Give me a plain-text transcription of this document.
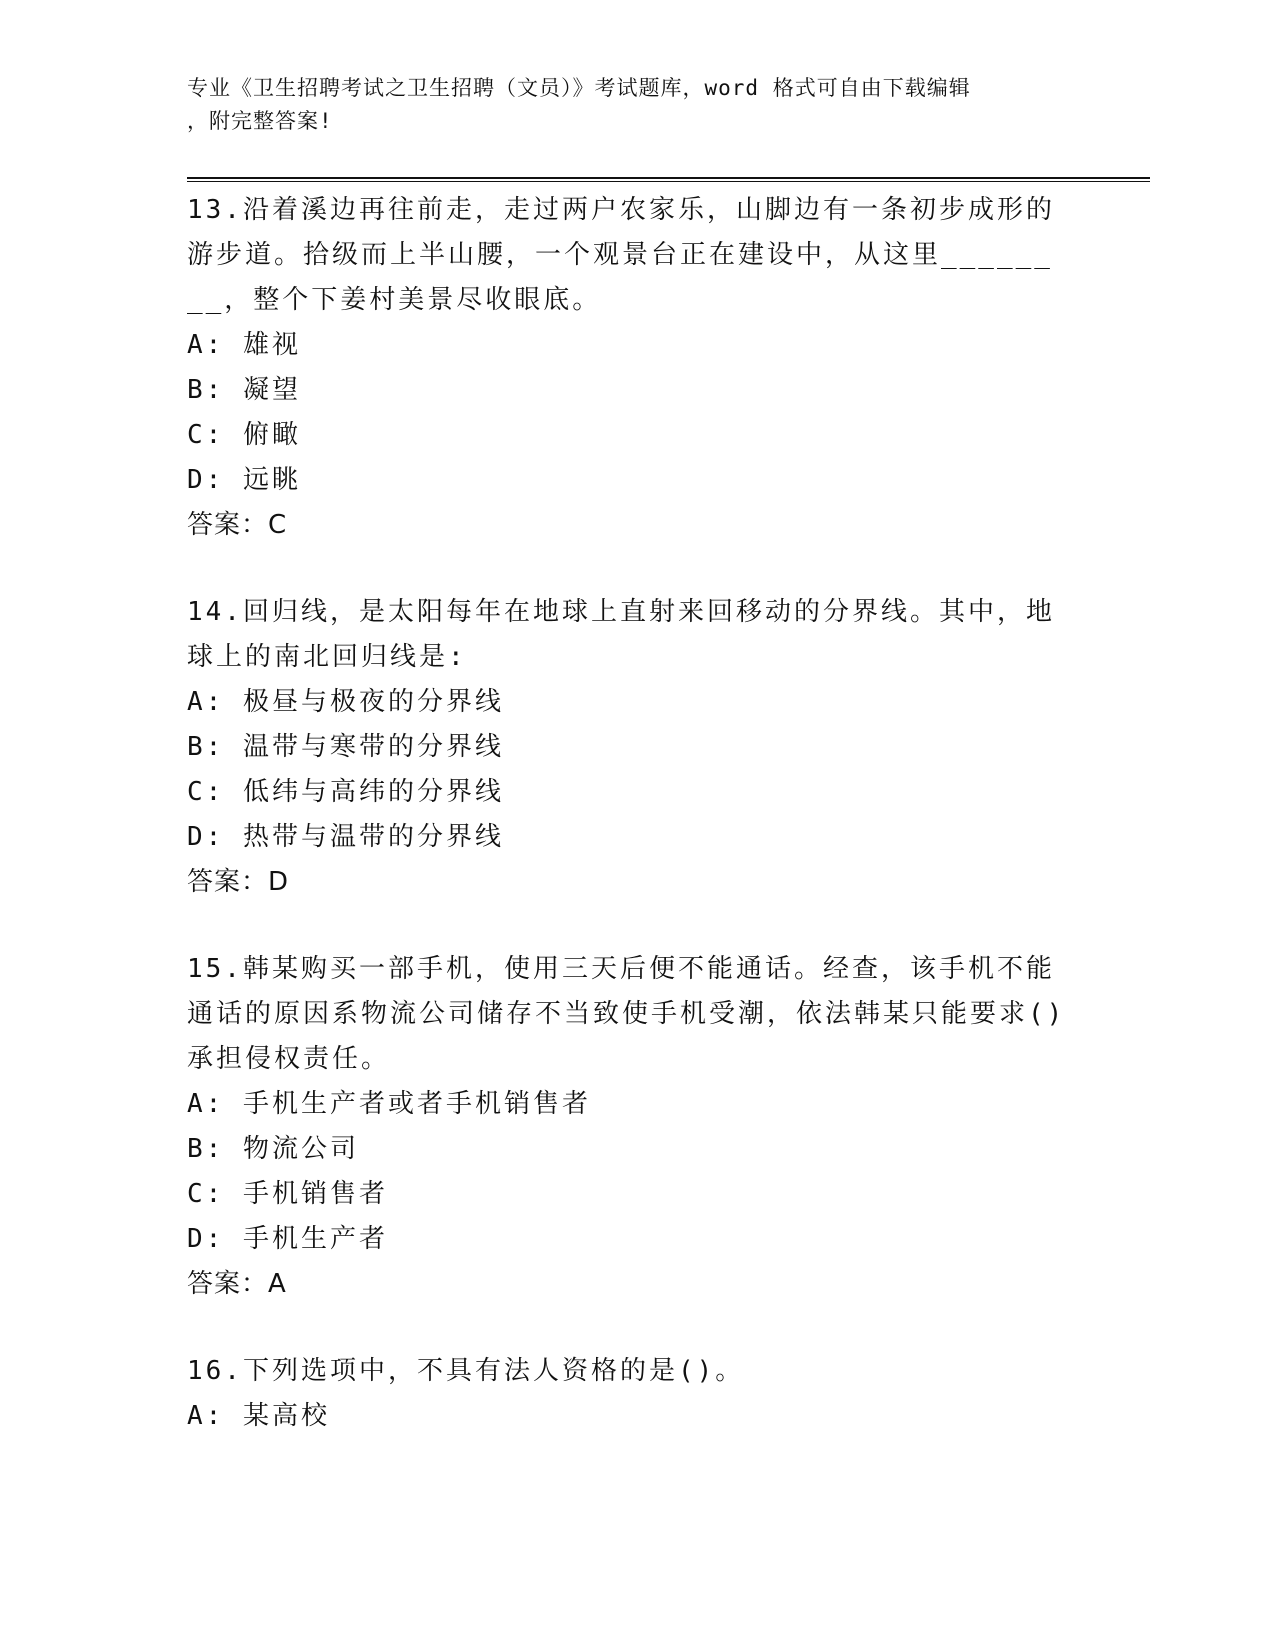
专业《卫生招聘考试之卫生招聘（文员）》考试题库，word 格式可自由下载编辑
，附完整答案!
13.沿着溪边再往前走，走过两户农家乐，山脚边有一条初步成形的游步道。拾级而上半山腰，一个观景台正在建设中，从这里________，整个下姜村美景尽收眼底。
A: 雄视
B: 凝望
C: 俯瞰
D: 远眺
答案：C
14.回归线，是太阳每年在地球上直射来回移动的分界线。其中，地球上的南北回归线是:
A: 极昼与极夜的分界线
B: 温带与寒带的分界线
C: 低纬与高纬的分界线
D: 热带与温带的分界线
答案：D
15.韩某购买一部手机，使用三天后便不能通话。经查，该手机不能通话的原因系物流公司储存不当致使手机受潮，依法韩某只能要求()承担侵权责任。
A: 手机生产者或者手机销售者
B: 物流公司
C: 手机销售者
D: 手机生产者
答案：A
16.下列选项中，不具有法人资格的是()。
A: 某高校
